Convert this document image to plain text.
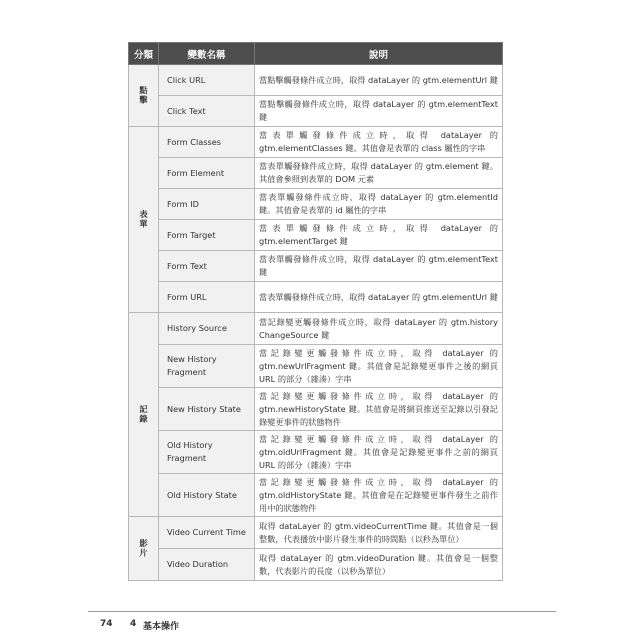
分類	變數名稱	說明
點擊	Click URL	當點擊觸發條件成立時，取得 dataLayer 的 gtm.elementUrl 鍵
	Click Text	當點擊觸發條件成立時，取得 dataLayer 的 gtm.elementText 鍵
表單	Form Classes	當表單觸發條件成立時，取得 dataLayer 的 gtm.elementClasses 鍵。其值會是表單的 class 屬性的字串
	Form Element	當表單觸發條件成立時，取得 dataLayer 的 gtm.element 鍵。其值會參照到表單的 DOM 元素
	Form ID	當表單觸發條件成立時，取得 dataLayer 的 gtm.elementId 鍵。其值會是表單的 id 屬性的字串
	Form Target	當表單觸發條件成立時，取得 dataLayer 的 gtm.elementTarget 鍵
	Form Text	當表單觸發條件成立時，取得 dataLayer 的 gtm.elementText 鍵
	Form URL	當表單觸發條件成立時，取得 dataLayer 的 gtm.elementUrl 鍵
記錄	History Source	當記錄變更觸發條件成立時，取得 dataLayer 的 gtm.history ChangeSource 鍵
	New History Fragment	當記錄變更觸發條件成立時，取得 dataLayer 的 gtm.newUrlFragment 鍵。其值會是記錄變更事件之後的網頁 URL 的部分（雜湊）字串
	New History State	當記錄變更觸發條件成立時，取得 dataLayer 的 gtm.newHistoryState 鍵。其值會是將網頁推送至記錄以引發記錄變更事件的狀態物件
	Old History Fragment	當記錄變更觸發條件成立時，取得 dataLayer 的 gtm.oldUrlFragment 鍵。其值會是記錄變更事件之前的網頁 URL 的部分（雜湊）字串
	Old History State	當記錄變更觸發條件成立時，取得 dataLayer 的 gtm.oldHistoryState 鍵。其值會是在記錄變更事件發生之前作用中的狀態物件
影片	Video Current Time	取得 dataLayer 的 gtm.videoCurrentTime 鍵。其值會是一個整數，代表播放中影片發生事件的時間點（以秒為單位）
	Video Duration	取得 dataLayer 的 gtm.videoDuration 鍵。其值會是一個整數，代表影片的長度（以秒為單位）
74 4 基本操作
